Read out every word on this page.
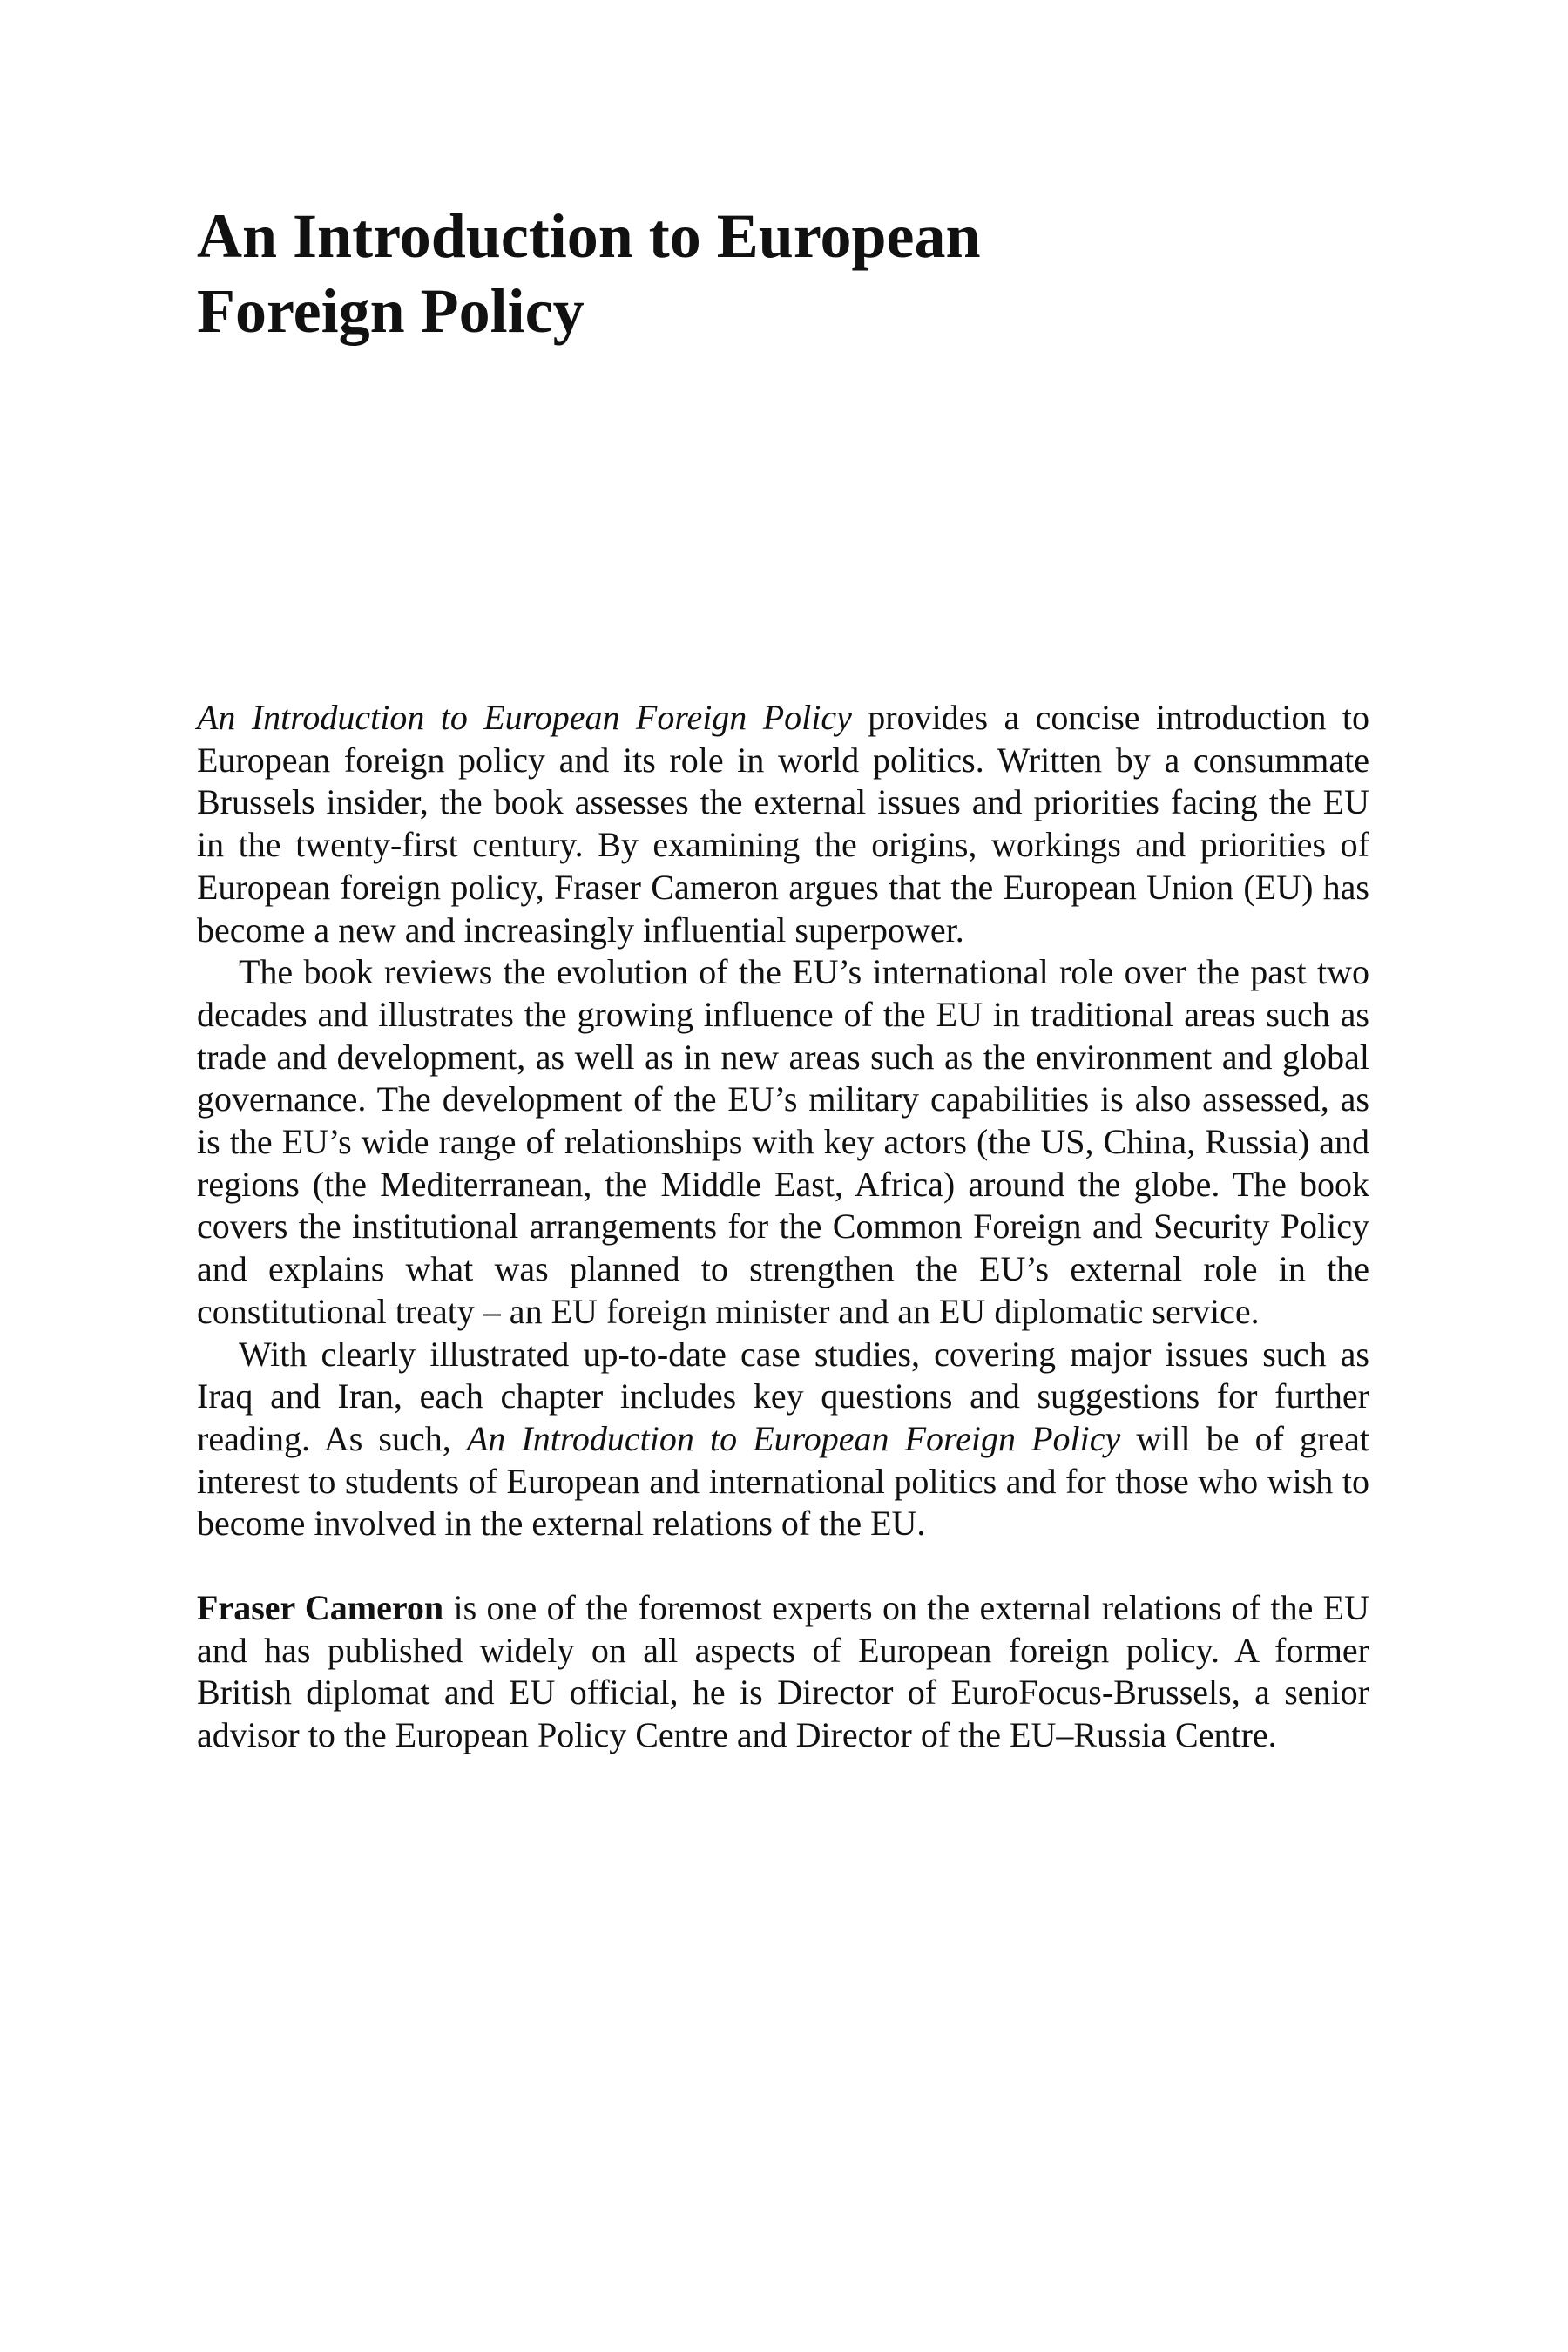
An Introduction to European
Foreign Policy

An Introduction to European Foreign Policy provides a concise introduction to European foreign policy and its role in world politics. Written by a consummate Brussels insider, the book assesses the external issues and priorities facing the EU in the twenty-first century. By examining the origins, workings and priorities of European foreign policy, Fraser Cameron argues that the European Union (EU) has become a new and increasingly influential superpower.

The book reviews the evolution of the EU’s international role over the past two decades and illustrates the growing influence of the EU in traditional areas such as trade and development, as well as in new areas such as the environment and global governance. The development of the EU’s military capabilities is also assessed, as is the EU’s wide range of relationships with key actors (the US, China, Russia) and regions (the Mediterranean, the Middle East, Africa) around the globe. The book covers the institutional arrangements for the Common Foreign and Security Policy and explains what was planned to strengthen the EU’s external role in the constitutional treaty – an EU foreign minister and an EU diplomatic service.

With clearly illustrated up-to-date case studies, covering major issues such as Iraq and Iran, each chapter includes key questions and suggestions for further reading. As such, An Introduction to European Foreign Policy will be of great interest to students of European and international politics and for those who wish to become involved in the external relations of the EU.

Fraser Cameron is one of the foremost experts on the external relations of the EU and has published widely on all aspects of European foreign policy. A former British diplomat and EU official, he is Director of EuroFocus-Brussels, a senior advisor to the European Policy Centre and Director of the EU–Russia Centre.
